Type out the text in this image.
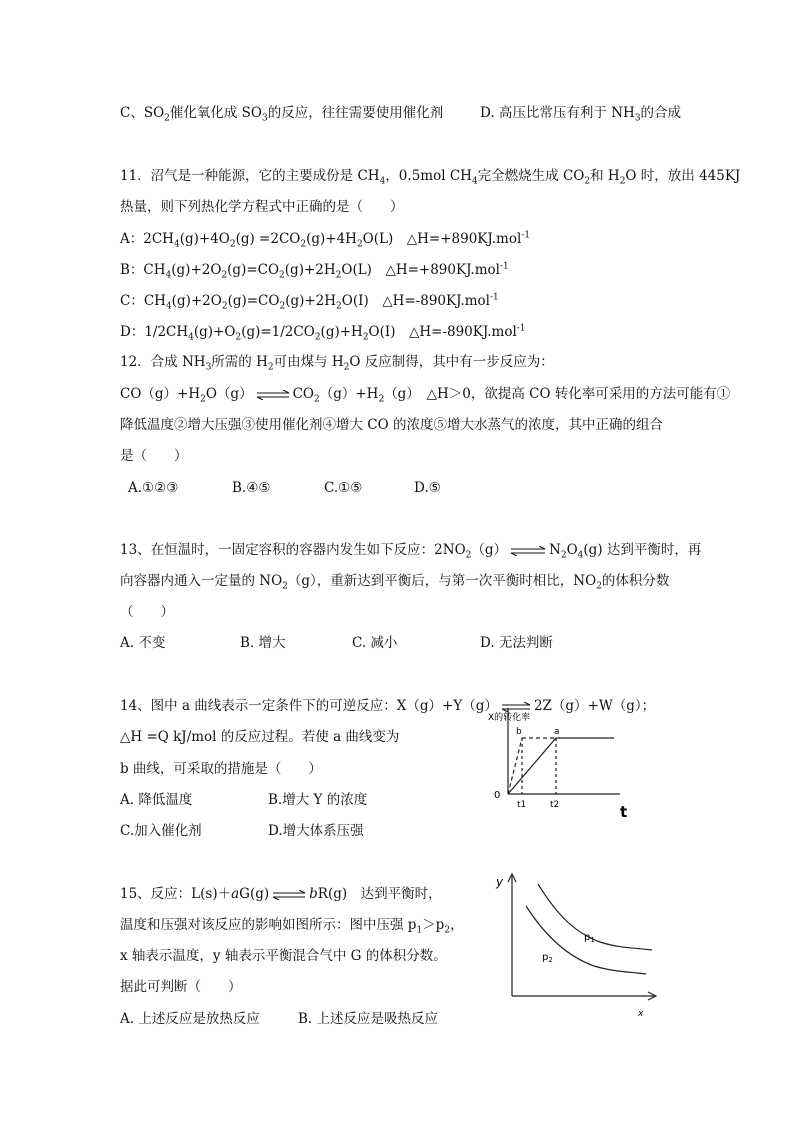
C、$SO_2$催化氧化成 $SO_3$的反应，往往需要使用催化剂	D. 高压比常压有利于 $NH_3$的合成
11．沼气是一种能源，它的主要成份是 $CH_4$，0.5mol $CH_4$完全燃烧生成 $CO_2$和 $H_2O$ 时，放出 445KJ
热量，则下列热化学方程式中正确的是（　　）
A：$2CH_4(g)+4O_2(g) =2CO_2(g)+4H_2O(L)$　△H=+890KJ.mol$^{-1}$
B：$CH_4(g)+2O_2(g)=CO_2(g)+2H_2O(L)$　△H=+890KJ.mol$^{-1}$
C：$CH_4(g)+2O_2(g)=CO_2(g)+2H_2O(I)$　△H=-890KJ.mol$^{-1}$
D：$1/2CH_4(g)+O_2(g)=1/2CO_2(g)+H_2O(I)$　△H=-890KJ.mol$^{-1}$
12．合成 $NH_3$所需的 $H_2$可由煤与 $H_2O$ 反应制得，其中有一步反应为：
$CO(g)+H_2O(g)$ ⇌ $CO_2(g)+H_2(g)$　△H＞0，欲提高 CO 转化率可采用的方法可能有①
降低温度②增大压强③使用催化剂④增大 CO 的浓度⑤增大水蒸气的浓度，其中正确的组合
是（　　）
A.①②③	B.④⑤	C.①⑤	D.⑤
13、在恒温时，一固定容积的容器内发生如下反应：$2NO_2(g)$ ⇌ $N_2O_4(g)$ 达到平衡时，再
向容器内通入一定量的 $NO_2(g)$，重新达到平衡后，与第一次平衡时相比，$NO_2$的体积分数
（　　）
A. 不变	B. 增大	C. 减小	D. 无法判断
14、图中 a 曲线表示一定条件下的可逆反应：X（g）+Y（g） ⇌ 2Z（g）+W（g）；
△H =Q kJ/mol 的反应过程。若使 a 曲线变为
b 曲线，可采取的措施是（　　）
A. 降低温度	B.增大 Y 的浓度
C.加入催化剂	D.增大体系压强
X的转化率
b	a
0
t1	t2	t
15、反应：L(s)＋aG(g) ⇌ bR(g)　达到平衡时，
温度和压强对该反应的影响如图所示：图中压强 $p_1>p_2$，
x 轴表示温度，y 轴表示平衡混合气中 G 的体积分数。
据此可判断（　　）
A. 上述反应是放热反应	B. 上述反应是吸热反应
y
x
$p_1$
$p_2$
